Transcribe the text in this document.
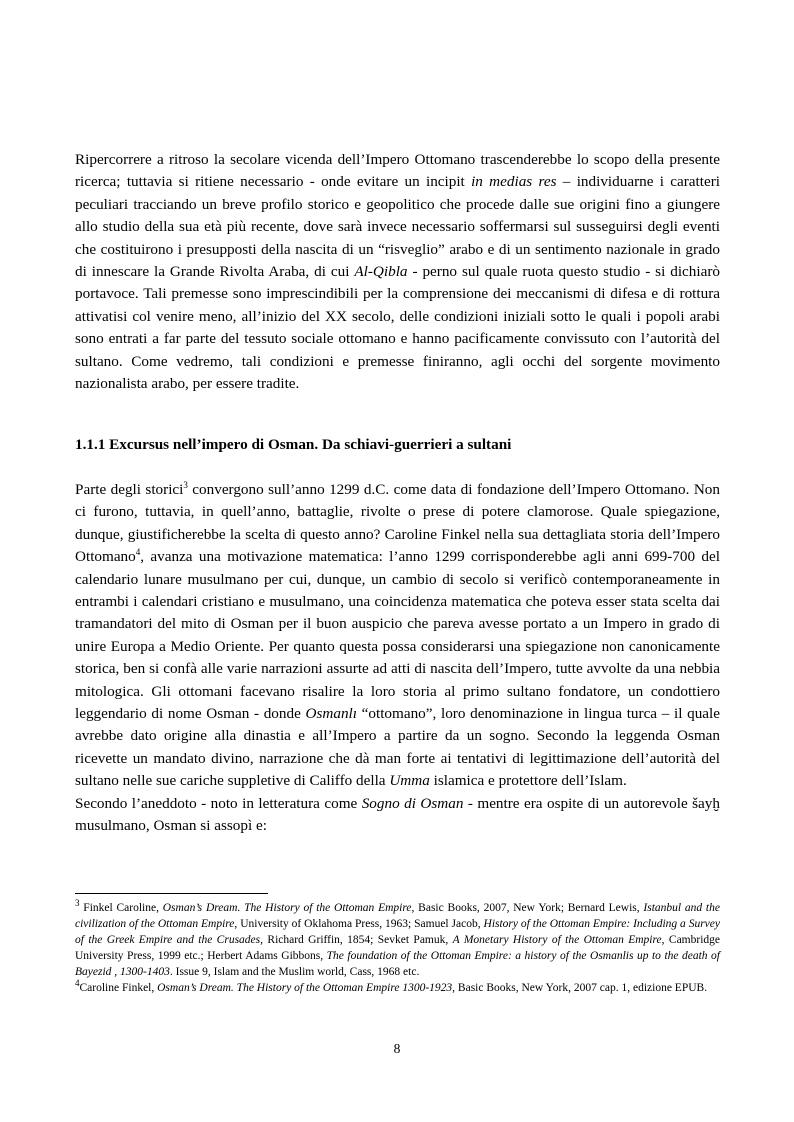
Ripercorrere a ritroso la secolare vicenda dell’Impero Ottomano trascenderebbe lo scopo della presente ricerca; tuttavia si ritiene necessario - onde evitare un incipit in medias res – individuarne i caratteri peculiari tracciando un breve profilo storico e geopolitico che procede dalle sue origini fino a giungere allo studio della sua età più recente, dove sarà invece necessario soffermarsi sul susseguirsi degli eventi che costituirono i presupposti della nascita di un “risveglio” arabo e di un sentimento nazionale in grado di innescare la Grande Rivolta Araba, di cui Al-Qibla - perno sul quale ruota questo studio - si dichiarò portavoce. Tali premesse sono imprescindibili per la comprensione dei meccanismi di difesa e di rottura attivatisi col venire meno, all’inizio del XX secolo, delle condizioni iniziali sotto le quali i popoli arabi sono entrati a far parte del tessuto sociale ottomano e hanno pacificamente convissuto con l’autorità del sultano. Come vedremo, tali condizioni e premesse finiranno, agli occhi del sorgente movimento nazionalista arabo, per essere tradite.
1.1.1 Excursus nell’impero di Osman. Da schiavi-guerrieri a sultani
Parte degli storici$^3$ convergono sull’anno 1299 d.C. come data di fondazione dell’Impero Ottomano. Non ci furono, tuttavia, in quell’anno, battaglie, rivolte o prese di potere clamorose. Quale spiegazione, dunque, giustificherebbe la scelta di questo anno? Caroline Finkel nella sua dettagliata storia dell’Impero Ottomano$^4$, avanza una motivazione matematica: l’anno 1299 corrisponderebbe agli anni 699-700 del calendario lunare musulmano per cui, dunque, un cambio di secolo si verificò contemporaneamente in entrambi i calendari cristiano e musulmano, una coincidenza matematica che poteva esser stata scelta dai tramandatori del mito di Osman per il buon auspicio che pareva avesse portato a un Impero in grado di unire Europa a Medio Oriente. Per quanto questa possa considerarsi una spiegazione non canonicamente storica, ben si confà alle varie narrazioni assurte ad atti di nascita dell’Impero, tutte avvolte da una nebbia mitologica. Gli ottomani facevano risalire la loro storia al primo sultano fondatore, un condottiero leggendario di nome Osman - donde Osmanlı “ottomano”, loro denominazione in lingua turca – il quale avrebbe dato origine alla dinastia e all’Impero a partire da un sogno. Secondo la leggenda Osman ricevette un mandato divino, narrazione che dà man forte ai tentativi di legittimazione dell’autorità del sultano nelle sue cariche suppletive di Califfo della Umma islamica e protettore dell’Islam.
Secondo l’aneddoto - noto in letteratura come Sogno di Osman - mentre era ospite di un autorevole šayḫ musulmano, Osman si assopì e:
$^3$ Finkel Caroline, Osman’s Dream. The History of the Ottoman Empire, Basic Books, 2007, New York; Bernard Lewis, Istanbul and the civilization of the Ottoman Empire, University of Oklahoma Press, 1963; Samuel Jacob, History of the Ottoman Empire: Including a Survey of the Greek Empire and the Crusades, Richard Griffin, 1854; Sevket Pamuk, A Monetary History of the Ottoman Empire, Cambridge University Press, 1999 etc.; Herbert Adams Gibbons, The foundation of the Ottoman Empire: a history of the Osmanlis up to the death of Bayezid , 1300-1403. Issue 9, Islam and the Muslim world, Cass, 1968 etc.
$^4$Caroline Finkel, Osman’s Dream. The History of the Ottoman Empire 1300-1923, Basic Books, New York, 2007 cap. 1, edizione EPUB.
8
